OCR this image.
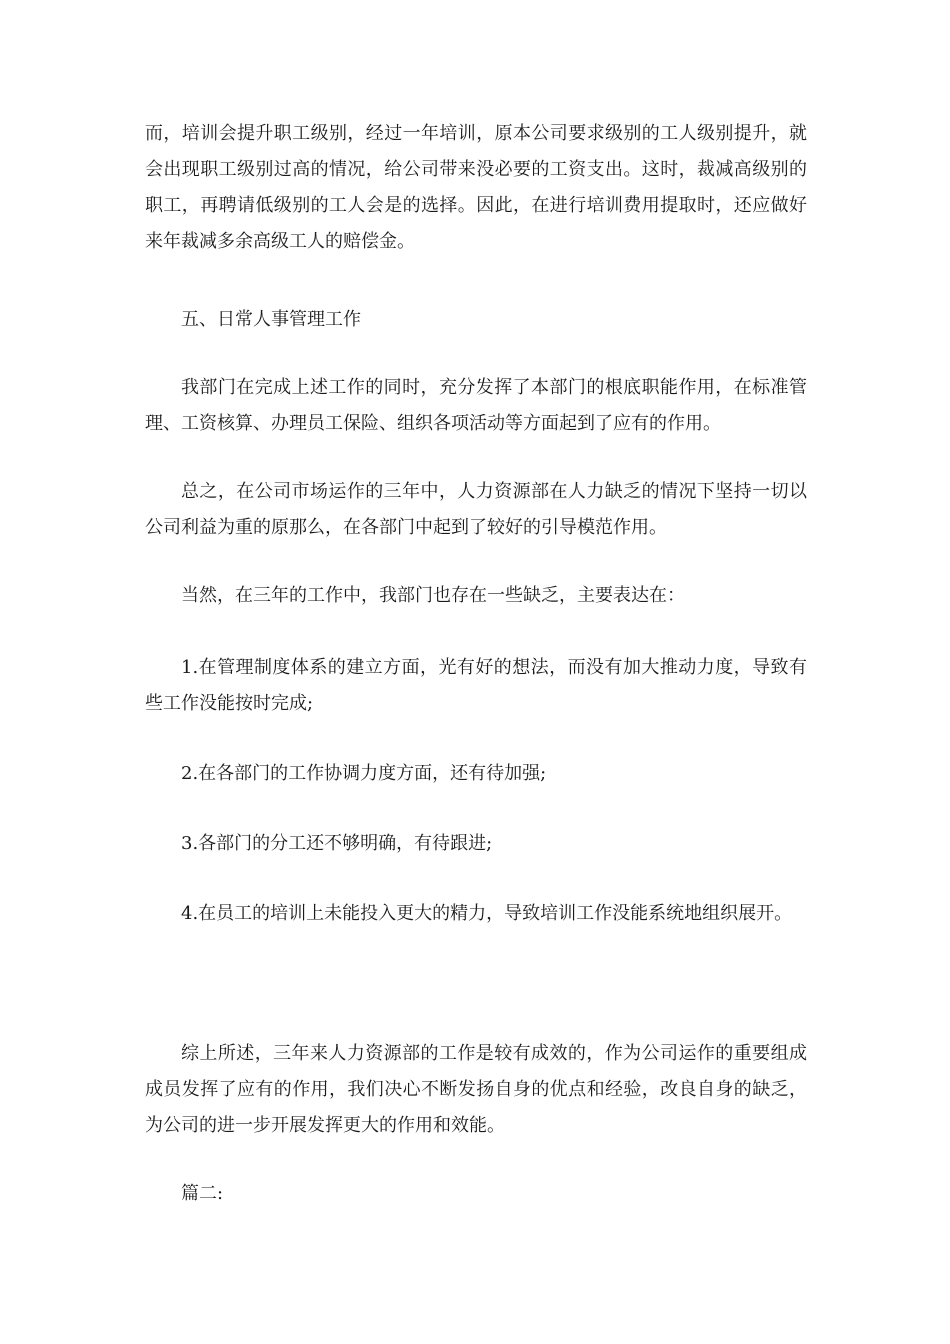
而，培训会提升职工级别，经过一年培训，原本公司要求级别的工人级别提升，就会出现职工级别过高的情况，给公司带来没必要的工资支出。这时，裁减高级别的职工，再聘请低级别的工人会是的选择。因此，在进行培训费用提取时，还应做好来年裁减多余高级工人的赔偿金。

五、日常人事管理工作

我部门在完成上述工作的同时，充分发挥了本部门的根底职能作用，在标准管理、工资核算、办理员工保险、组织各项活动等方面起到了应有的作用。

总之，在公司市场运作的三年中，人力资源部在人力缺乏的情况下坚持一切以公司利益为重的原那么，在各部门中起到了较好的引导模范作用。

当然，在三年的工作中，我部门也存在一些缺乏，主要表达在：

1.在管理制度体系的建立方面，光有好的想法，而没有加大推动力度，导致有些工作没能按时完成;

2.在各部门的工作协调力度方面，还有待加强;

3.各部门的分工还不够明确，有待跟进;

4.在员工的培训上未能投入更大的精力，导致培训工作没能系统地组织展开。

综上所述，三年来人力资源部的工作是较有成效的，作为公司运作的重要组成成员发挥了应有的作用，我们决心不断发扬自身的优点和经验，改良自身的缺乏，为公司的进一步开展发挥更大的作用和效能。

篇二:
